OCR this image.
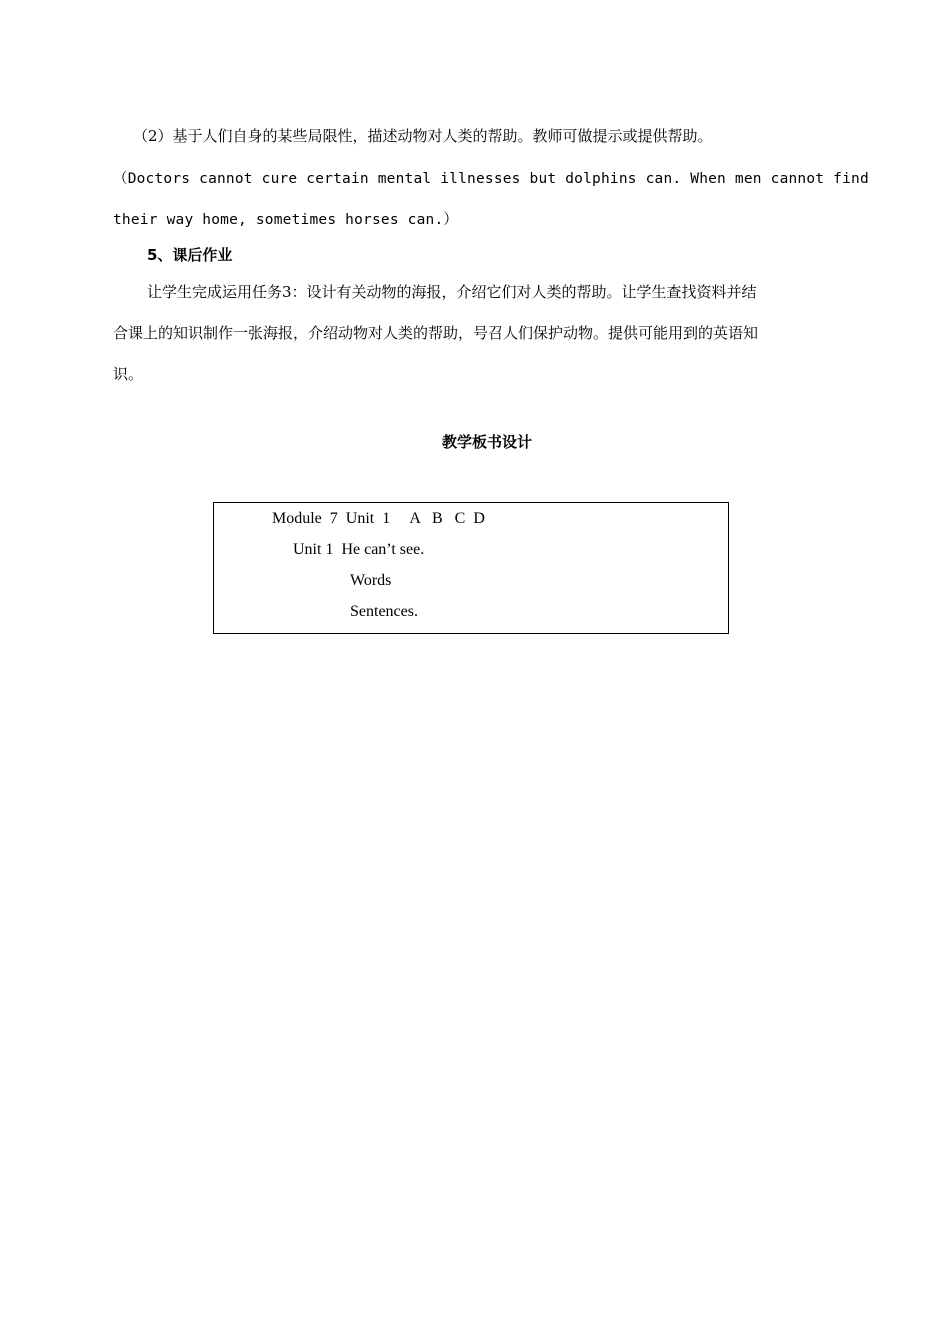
（2）基于人们自身的某些局限性，描述动物对人类的帮助。教师可做提示或提供帮助。
（Doctors cannot cure certain mental illnesses but dolphins can. When men cannot find
their way home, sometimes horses can.）
5、课后作业
让学生完成运用任务3：设计有关动物的海报，介绍它们对人类的帮助。让学生查找资料并结
合课上的知识制作一张海报，介绍动物对人类的帮助，号召人们保护动物。提供可能用到的英语知
识。
教学板书设计
Module  7  Unit  1     A   B   C  D
Unit 1  He can’t see.
Words
Sentences.
